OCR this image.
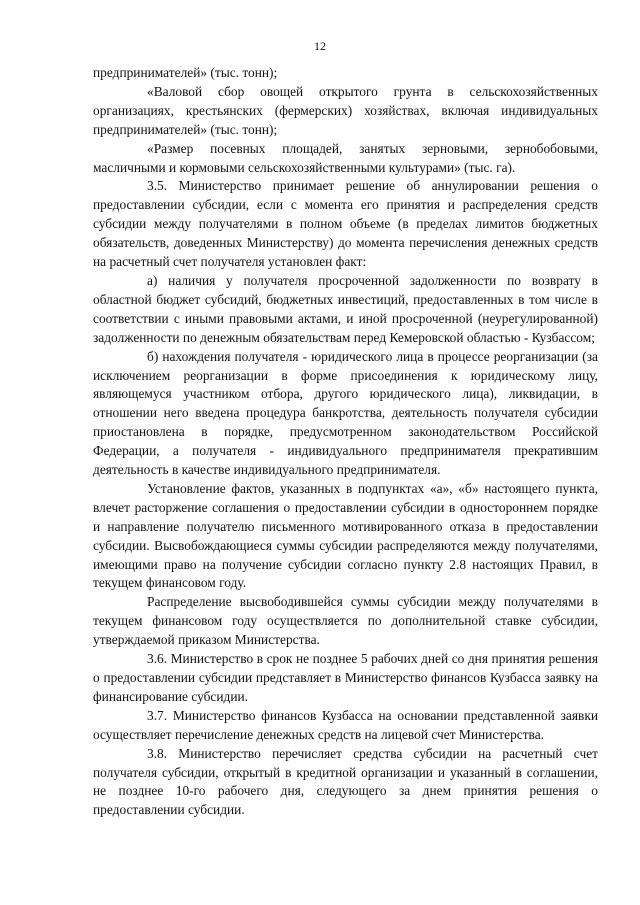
12

предпринимателей» (тыс. тонн);

«Валовой сбор овощей открытого грунта в сельскохозяйственных организациях, крестьянских (фермерских) хозяйствах, включая индивидуальных предпринимателей» (тыс. тонн);

«Размер посевных площадей, занятых зерновыми, зернобобовыми, масличными и кормовыми сельскохозяйственными культурами» (тыс. га).

3.5. Министерство принимает решение об аннулировании решения о предоставлении субсидии, если с момента его принятия и распределения средств субсидии между получателями в полном объеме (в пределах лимитов бюджетных обязательств, доведенных Министерству) до момента перечисления денежных средств на расчетный счет получателя установлен факт:

а) наличия у получателя просроченной задолженности по возврату в областной бюджет субсидий, бюджетных инвестиций, предоставленных в том числе в соответствии с иными правовыми актами, и иной просроченной (неурегулированной) задолженности по денежным обязательствам перед Кемеровской областью - Кузбассом;

б) нахождения получателя - юридического лица в процессе реорганизации (за исключением реорганизации в форме присоединения к юридическому лицу, являющемуся участником отбора, другого юридического лица), ликвидации, в отношении него введена процедура банкротства, деятельность получателя субсидии приостановлена в порядке, предусмотренном законодательством Российской Федерации, а получателя - индивидуального предпринимателя прекратившим деятельность в качестве индивидуального предпринимателя.

Установление фактов, указанных в подпунктах «а», «б» настоящего пункта, влечет расторжение соглашения о предоставлении субсидии в одностороннем порядке и направление получателю письменного мотивированного отказа в предоставлении субсидии. Высвобождающиеся суммы субсидии распределяются между получателями, имеющими право на получение субсидии согласно пункту 2.8 настоящих Правил, в текущем финансовом году.

Распределение высвободившейся суммы субсидии между получателями в текущем финансовом году осуществляется по дополнительной ставке субсидии, утверждаемой приказом Министерства.

3.6. Министерство в срок не позднее 5 рабочих дней со дня принятия решения о предоставлении субсидии представляет в Министерство финансов Кузбасса заявку на финансирование субсидии.

3.7. Министерство финансов Кузбасса на основании представленной заявки осуществляет перечисление денежных средств на лицевой счет Министерства.

3.8. Министерство перечисляет средства субсидии на расчетный счет получателя субсидии, открытый в кредитной организации и указанный в соглашении, не позднее 10-го рабочего дня, следующего за днем принятия решения о предоставлении субсидии.
